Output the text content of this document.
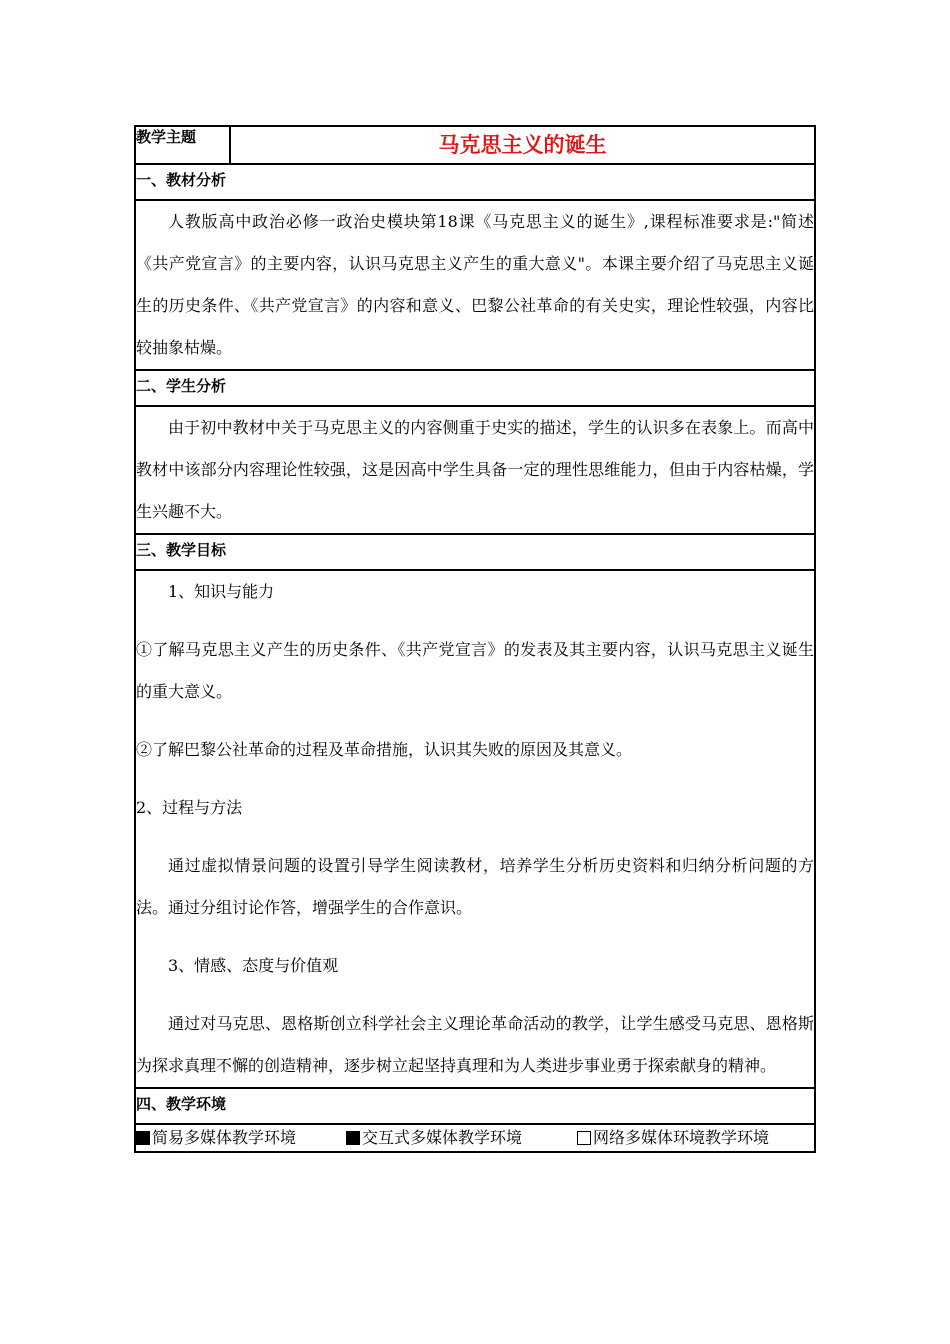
教学主题	马克思主义的诞生
一、教材分析

人教版高中政治必修一政治史模块第18课《马克思主义的诞生》,课程标准要求是:"简述《共产党宣言》的主要内容，认识马克思主义产生的重大意义"。本课主要介绍了马克思主义诞生的历史条件、《共产党宣言》的内容和意义、巴黎公社革命的有关史实，理论性较强，内容比较抽象枯燥。

二、学生分析

由于初中教材中关于马克思主义的内容侧重于史实的描述，学生的认识多在表象上。而高中教材中该部分内容理论性较强，这是因高中学生具备一定的理性思维能力，但由于内容枯燥，学生兴趣不大。

三、教学目标

1、知识与能力

①了解马克思主义产生的历史条件、《共产党宣言》的发表及其主要内容，认识马克思主义诞生的重大意义。

②了解巴黎公社革命的过程及革命措施，认识其失败的原因及其意义。

2、过程与方法

通过虚拟情景问题的设置引导学生阅读教材，培养学生分析历史资料和归纳分析问题的方法。通过分组讨论作答，增强学生的合作意识。

3、情感、态度与价值观

通过对马克思、恩格斯创立科学社会主义理论革命活动的教学，让学生感受马克思、恩格斯为探求真理不懈的创造精神，逐步树立起坚持真理和为人类进步事业勇于探索献身的精神。

四、教学环境
简易多媒体教学环境	交互式多媒体教学环境	网络多媒体环境教学环境
